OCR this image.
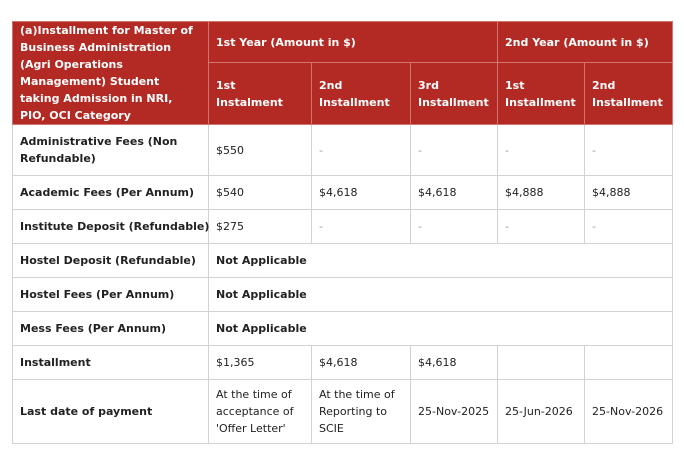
(a)Installment for Master of Business Administration (Agri Operations Management) Student taking Admission in NRI, PIO, OCI Category	1st Year (Amount in $)			2nd Year (Amount in $)	
	1st Instalment	2nd Installment	3rd Installment	1st Installment	2nd Installment
Administrative Fees (Non Refundable)	$550	-	-	-	-
Academic Fees (Per Annum)	$540	$4,618	$4,618	$4,888	$4,888
Institute Deposit (Refundable)	$275	-	-	-	-
Hostel Deposit (Refundable)	Not Applicable				
Hostel Fees (Per Annum)	Not Applicable				
Mess Fees (Per Annum)	Not Applicable				
Installment	$1,365	$4,618	$4,618		
Last date of payment	At the time of acceptance of 'Offer Letter'	At the time of Reporting to SCIE	25-Nov-2025	25-Jun-2026	25-Nov-2026
